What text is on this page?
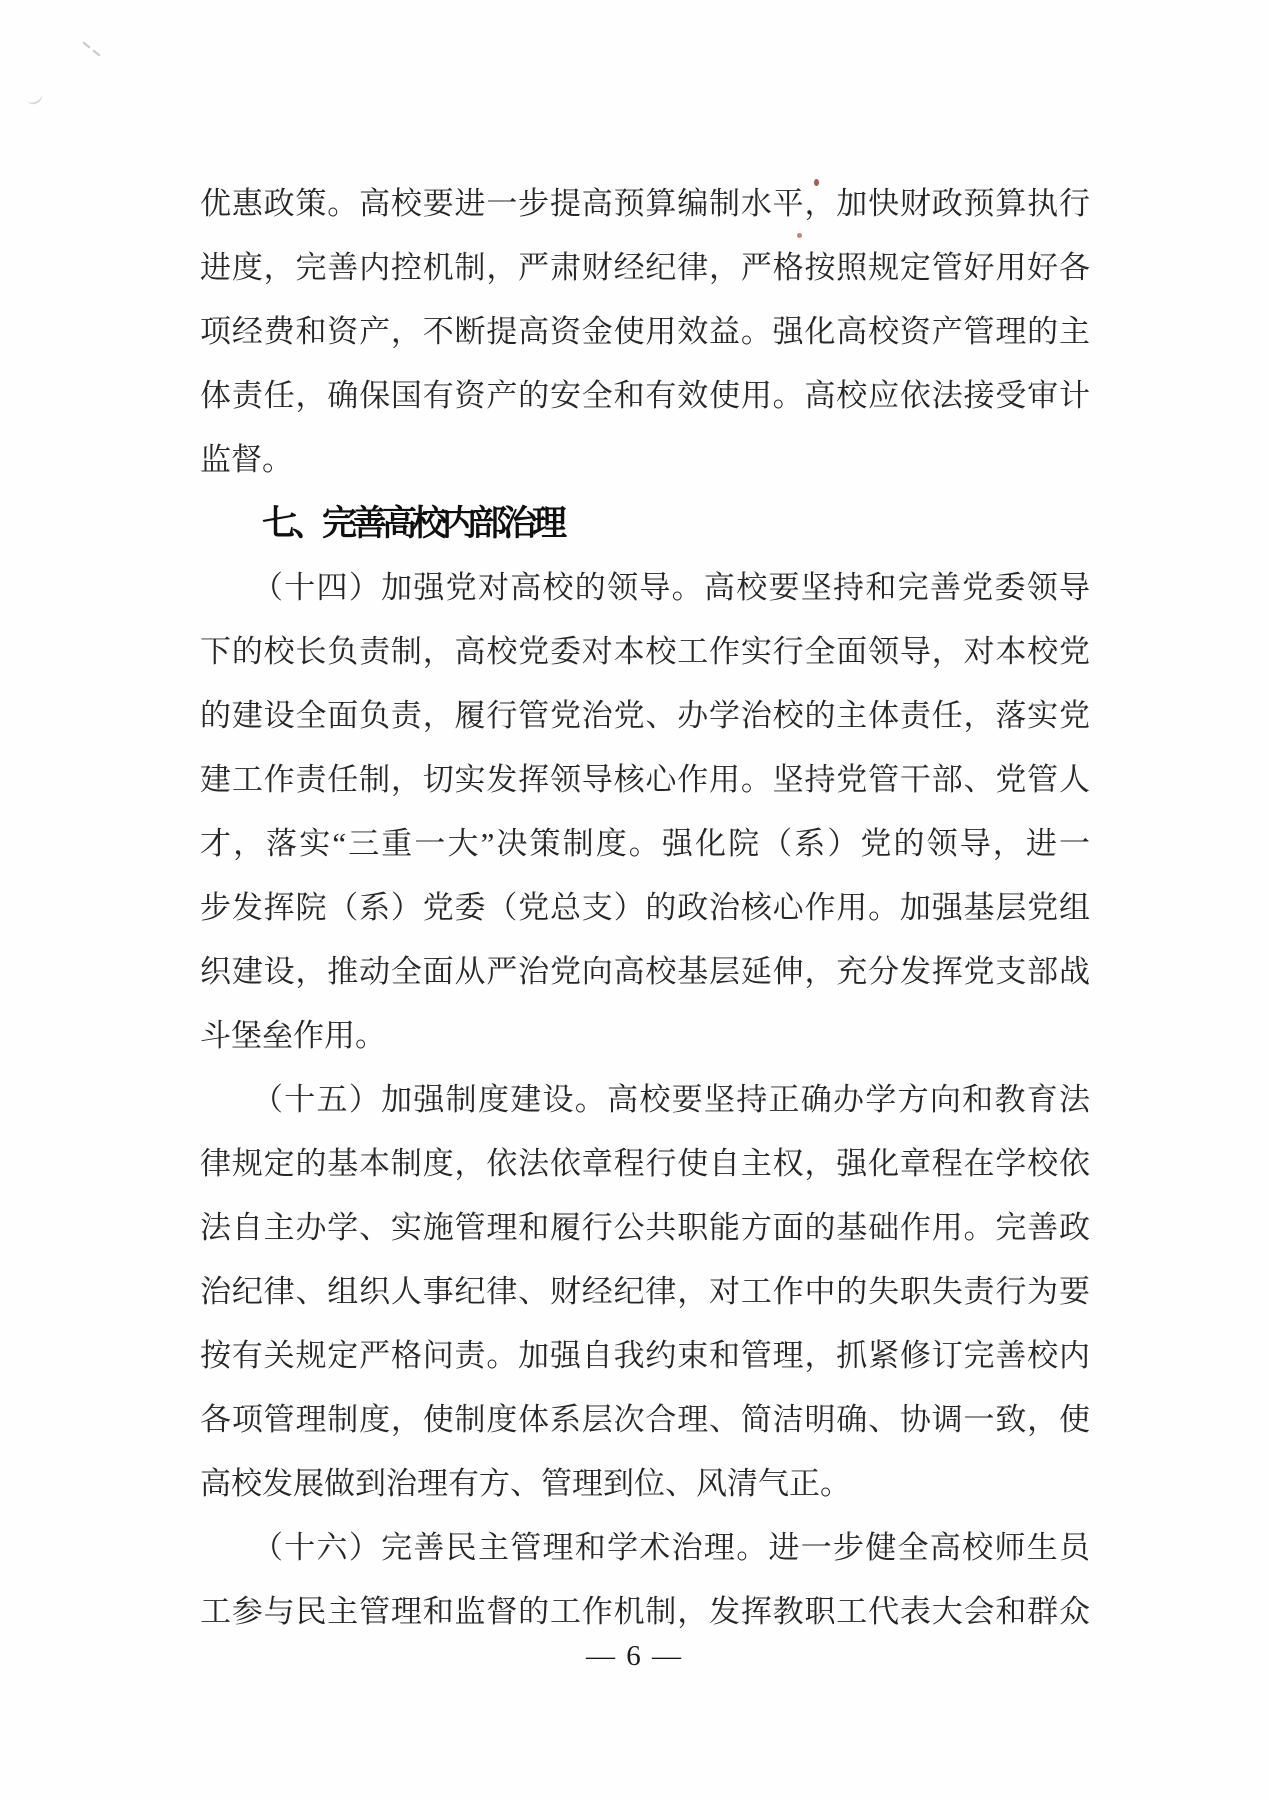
优惠政策。高校要进一步提高预算编制水平，加快财政预算执行
进度，完善内控机制，严肃财经纪律，严格按照规定管好用好各
项经费和资产，不断提高资金使用效益。强化高校资产管理的主
体责任，确保国有资产的安全和有效使用。高校应依法接受审计
监督。
七、完善高校内部治理
（十四）加强党对高校的领导。高校要坚持和完善党委领导
下的校长负责制，高校党委对本校工作实行全面领导，对本校党
的建设全面负责，履行管党治党、办学治校的主体责任，落实党
建工作责任制，切实发挥领导核心作用。坚持党管干部、党管人
才，落实“三重一大”决策制度。强化院（系）党的领导，进一
步发挥院（系）党委（党总支）的政治核心作用。加强基层党组
织建设，推动全面从严治党向高校基层延伸，充分发挥党支部战
斗堡垒作用。
（十五）加强制度建设。高校要坚持正确办学方向和教育法
律规定的基本制度，依法依章程行使自主权，强化章程在学校依
法自主办学、实施管理和履行公共职能方面的基础作用。完善政
治纪律、组织人事纪律、财经纪律，对工作中的失职失责行为要
按有关规定严格问责。加强自我约束和管理，抓紧修订完善校内
各项管理制度，使制度体系层次合理、简洁明确、协调一致，使
高校发展做到治理有方、管理到位、风清气正。
（十六）完善民主管理和学术治理。进一步健全高校师生员
工参与民主管理和监督的工作机制，发挥教职工代表大会和群众
— 6 —
